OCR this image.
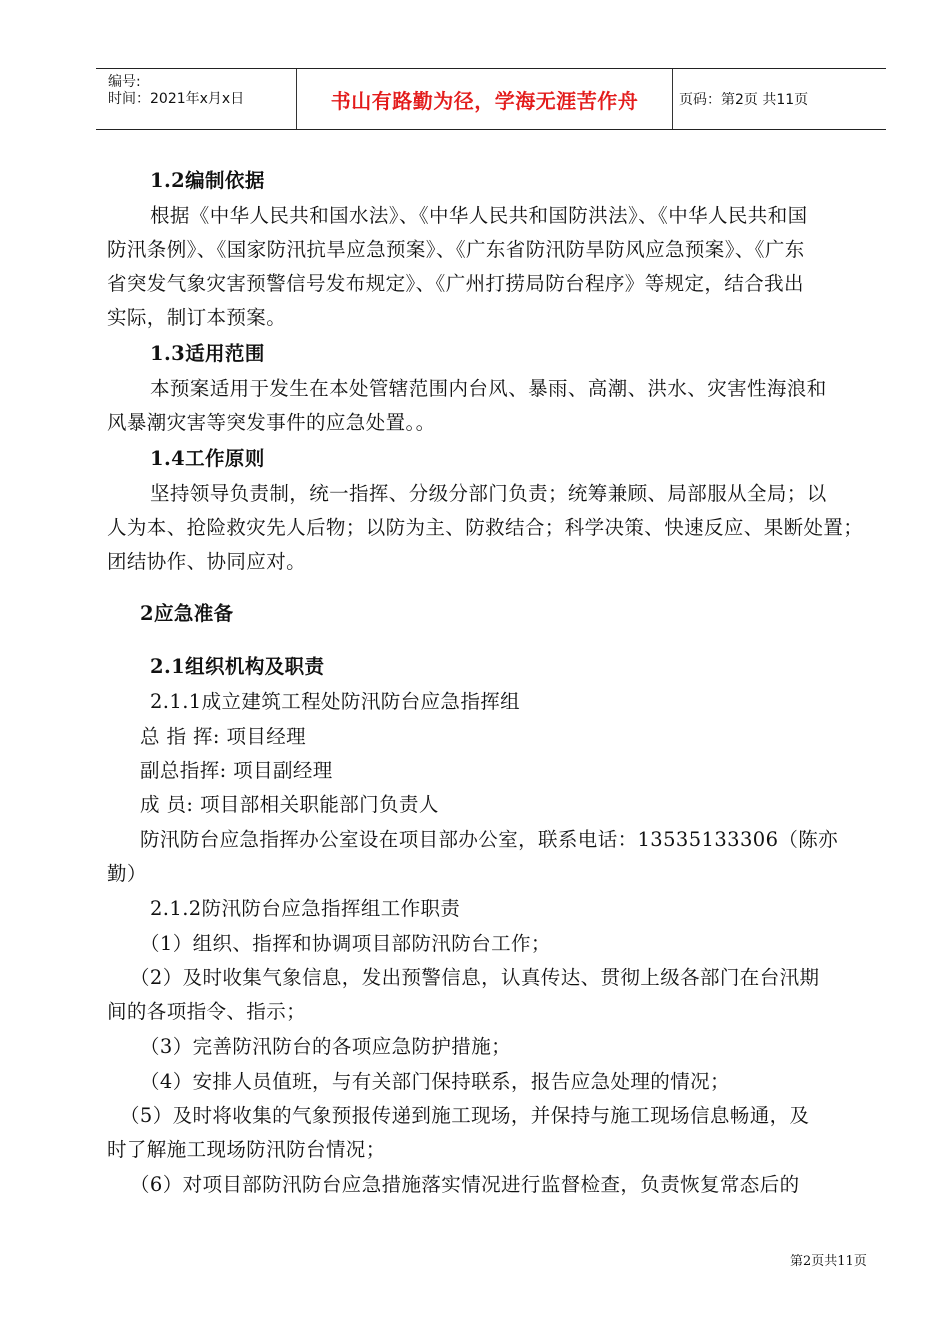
编号:
时间：2021年x月x日	书山有路勤为径，学海无涯苦作舟	页码：第2页 共11页
1.2编制依据
根据《中华人民共和国水法》、《中华人民共和国防洪法》、《中华人民共和国
防汛条例》、《国家防汛抗旱应急预案》、《广东省防汛防旱防风应急预案》、《广东
省突发气象灾害预警信号发布规定》、《广州打捞局防台程序》等规定，结合我出
实际，制订本预案。
1.3适用范围
本预案适用于发生在本处管辖范围内台风、暴雨、高潮、洪水、灾害性海浪和
风暴潮灾害等突发事件的应急处置。。
1.4工作原则
坚持领导负责制，统一指挥、分级分部门负责；统筹兼顾、局部服从全局；以
人为本、抢险救灾先人后物；以防为主、防救结合；科学决策、快速反应、果断处置；
团结协作、协同应对。
2应急准备
2.1组织机构及职责
2.1.1成立建筑工程处防汛防台应急指挥组
总 指 挥: 项目经理
副总指挥: 项目副经理
成 员: 项目部相关职能部门负责人
防汛防台应急指挥办公室设在项目部办公室，联系电话：13535133306（陈亦
勤）
2.1.2防汛防台应急指挥组工作职责
（1）组织、指挥和协调项目部防汛防台工作；
（2）及时收集气象信息，发出预警信息，认真传达、贯彻上级各部门在台汛期
间的各项指令、指示；
（3）完善防汛防台的各项应急防护措施；
（4）安排人员值班，与有关部门保持联系，报告应急处理的情况；
（5）及时将收集的气象预报传递到施工现场，并保持与施工现场信息畅通，及
时了解施工现场防汛防台情况；
（6）对项目部防汛防台应急措施落实情况进行监督检查，负责恢复常态后的
第2页共11页
